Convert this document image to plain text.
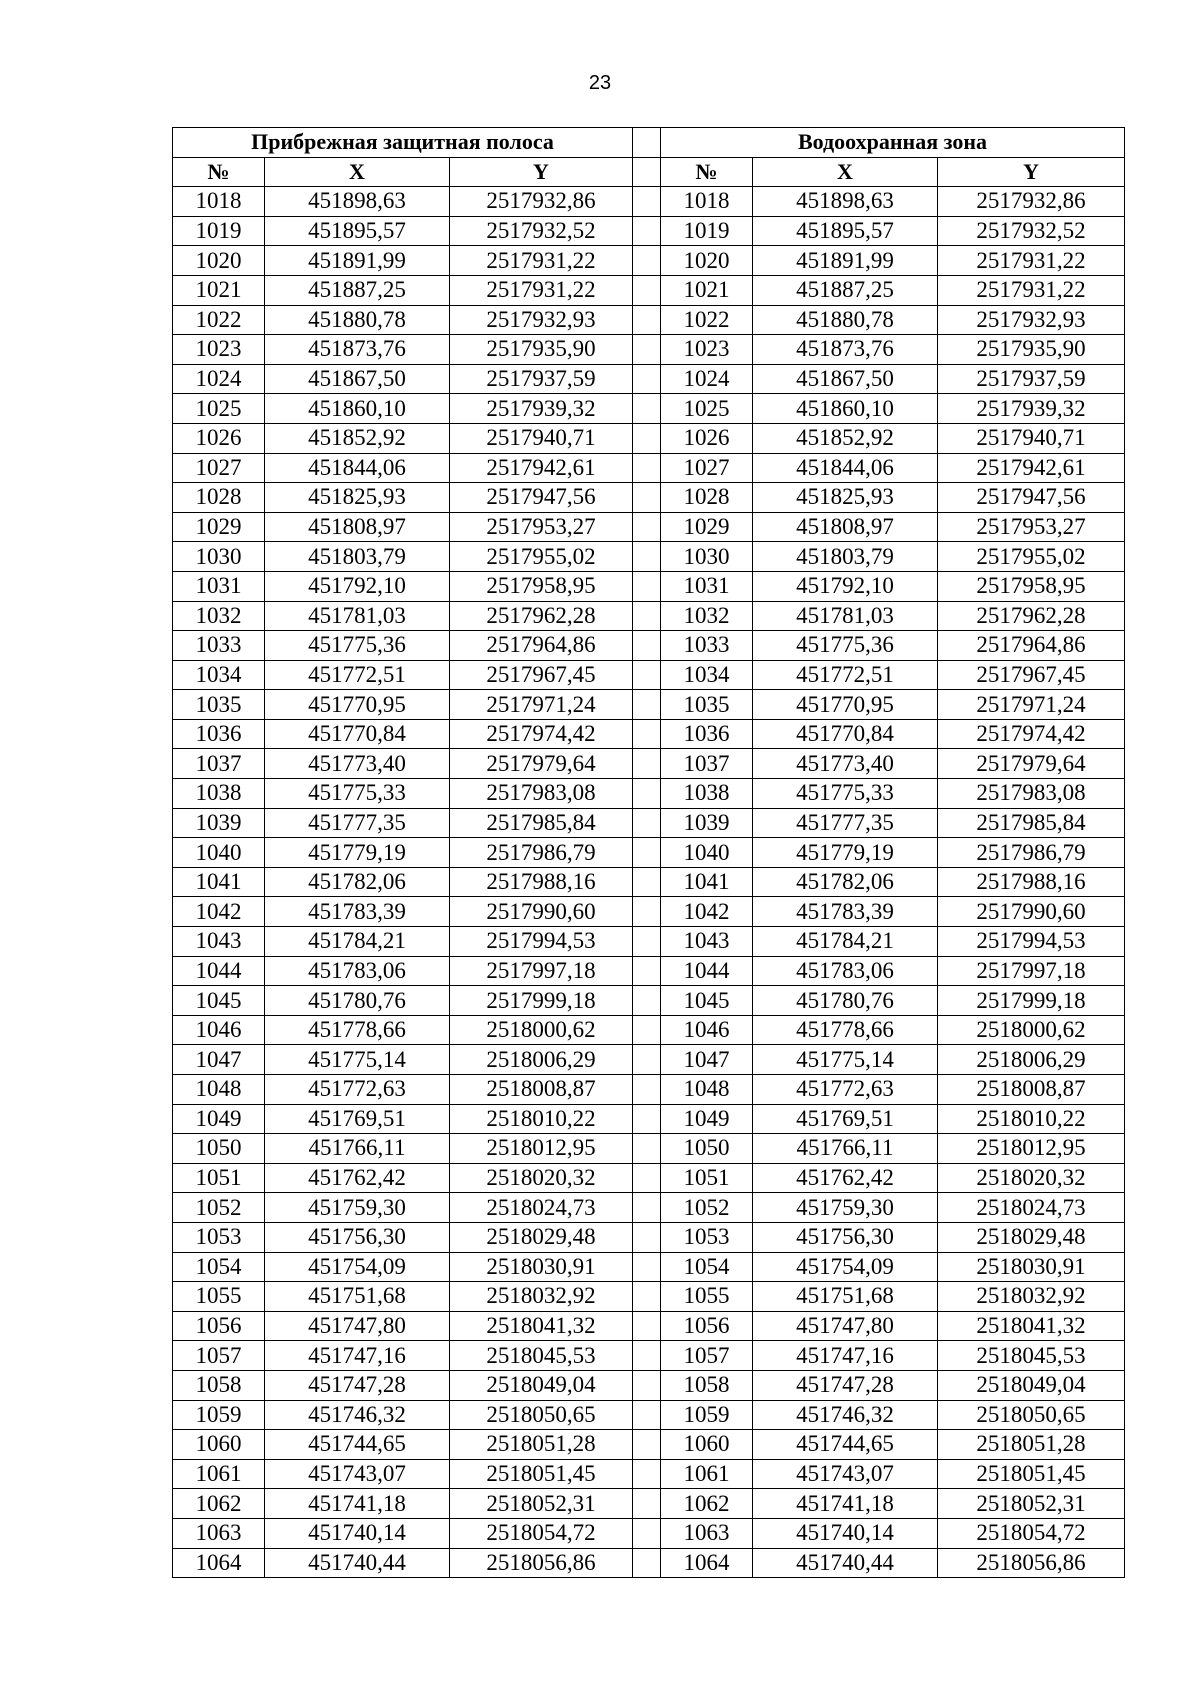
23
Прибрежная защитная полоса				Водоохранная зона		
№	X	Y		№	X	Y
1018	451898,63	2517932,86		1018	451898,63	2517932,86
1019	451895,57	2517932,52		1019	451895,57	2517932,52
1020	451891,99	2517931,22		1020	451891,99	2517931,22
1021	451887,25	2517931,22		1021	451887,25	2517931,22
1022	451880,78	2517932,93		1022	451880,78	2517932,93
1023	451873,76	2517935,90		1023	451873,76	2517935,90
1024	451867,50	2517937,59		1024	451867,50	2517937,59
1025	451860,10	2517939,32		1025	451860,10	2517939,32
1026	451852,92	2517940,71		1026	451852,92	2517940,71
1027	451844,06	2517942,61		1027	451844,06	2517942,61
1028	451825,93	2517947,56		1028	451825,93	2517947,56
1029	451808,97	2517953,27		1029	451808,97	2517953,27
1030	451803,79	2517955,02		1030	451803,79	2517955,02
1031	451792,10	2517958,95		1031	451792,10	2517958,95
1032	451781,03	2517962,28		1032	451781,03	2517962,28
1033	451775,36	2517964,86		1033	451775,36	2517964,86
1034	451772,51	2517967,45		1034	451772,51	2517967,45
1035	451770,95	2517971,24		1035	451770,95	2517971,24
1036	451770,84	2517974,42		1036	451770,84	2517974,42
1037	451773,40	2517979,64		1037	451773,40	2517979,64
1038	451775,33	2517983,08		1038	451775,33	2517983,08
1039	451777,35	2517985,84		1039	451777,35	2517985,84
1040	451779,19	2517986,79		1040	451779,19	2517986,79
1041	451782,06	2517988,16		1041	451782,06	2517988,16
1042	451783,39	2517990,60		1042	451783,39	2517990,60
1043	451784,21	2517994,53		1043	451784,21	2517994,53
1044	451783,06	2517997,18		1044	451783,06	2517997,18
1045	451780,76	2517999,18		1045	451780,76	2517999,18
1046	451778,66	2518000,62		1046	451778,66	2518000,62
1047	451775,14	2518006,29		1047	451775,14	2518006,29
1048	451772,63	2518008,87		1048	451772,63	2518008,87
1049	451769,51	2518010,22		1049	451769,51	2518010,22
1050	451766,11	2518012,95		1050	451766,11	2518012,95
1051	451762,42	2518020,32		1051	451762,42	2518020,32
1052	451759,30	2518024,73		1052	451759,30	2518024,73
1053	451756,30	2518029,48		1053	451756,30	2518029,48
1054	451754,09	2518030,91		1054	451754,09	2518030,91
1055	451751,68	2518032,92		1055	451751,68	2518032,92
1056	451747,80	2518041,32		1056	451747,80	2518041,32
1057	451747,16	2518045,53		1057	451747,16	2518045,53
1058	451747,28	2518049,04		1058	451747,28	2518049,04
1059	451746,32	2518050,65		1059	451746,32	2518050,65
1060	451744,65	2518051,28		1060	451744,65	2518051,28
1061	451743,07	2518051,45		1061	451743,07	2518051,45
1062	451741,18	2518052,31		1062	451741,18	2518052,31
1063	451740,14	2518054,72		1063	451740,14	2518054,72
1064	451740,44	2518056,86		1064	451740,44	2518056,86
